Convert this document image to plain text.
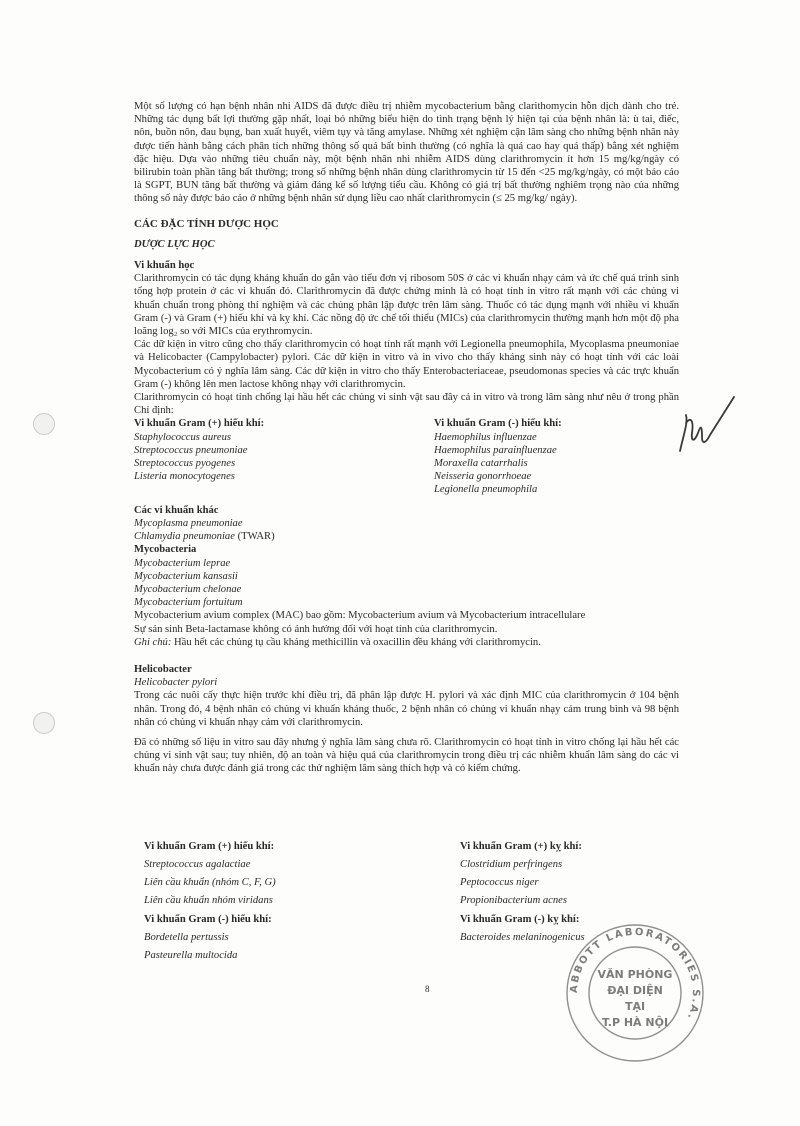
Một số lượng có hạn bệnh nhân nhi AIDS đã được điều trị nhiễm mycobacterium bằng clarithomycin hỗn dịch dành cho trẻ. Những tác dụng bất lợi thường gặp nhất, loại bỏ những biểu hiện do tình trạng bệnh lý hiện tại của bệnh nhân là: ù tai, điếc, nôn, buồn nôn, đau bụng, ban xuất huyết, viêm tụy và tăng amylase. Những xét nghiệm cận lâm sàng cho những bệnh nhân này được tiến hành bằng cách phân tích những thông số quá bất bình thường (có nghĩa là quá cao hay quá thấp) bằng xét nghiệm đặc hiệu. Dựa vào những tiêu chuẩn này, một bệnh nhân nhi nhiễm AIDS dùng clarithromycin ít hơn 15 mg/kg/ngày có bilirubin toàn phần tăng bất thường; trong số những bệnh nhân dùng clarithromycin từ 15 đến <25 mg/kg/ngày, có một báo cáo là SGPT, BUN tăng bất thường và giảm đáng kể số lượng tiểu cầu. Không có giá trị bất thường nghiêm trọng nào của những thông số này được báo cáo ở những bệnh nhân sử dụng liều cao nhất clarithromycin (≤ 25 mg/kg/ ngày).

CÁC ĐẶC TÍNH DƯỢC HỌC
DƯỢC LỰC HỌC
Vi khuẩn học

Clarithromycin có tác dụng kháng khuẩn do gắn vào tiểu đơn vị ribosom 50S ở các vi khuẩn nhạy cảm và ức chế quá trình sinh tổng hợp protein ở các vi khuẩn đó. Clarithromycin đã được chứng minh là có hoạt tính in vitro rất mạnh với các chủng vi khuẩn chuẩn trong phòng thí nghiệm và các chủng phân lập được trên lâm sàng. Thuốc có tác dụng mạnh với nhiều vi khuẩn Gram (-) và Gram (+) hiếu khí và kỵ khí. Các nồng độ ức chế tối thiểu (MICs) của clarithromycin thường mạnh hơn một độ pha loãng log₂ so với MICs của erythromycin.

Các dữ kiện in vitro cũng cho thấy clarithromycin có hoạt tính rất mạnh với Legionella pneumophila, Mycoplasma pneumoniae và Helicobacter (Campylobacter) pylori. Các dữ kiện in vitro và in vivo cho thấy kháng sinh này có hoạt tính với các loài Mycobacterium có ý nghĩa lâm sàng. Các dữ kiện in vitro cho thấy Enterobacteriaceae, pseudomonas species và các trực khuẩn Gram (-) không lên men lactose không nhạy với clarithromycin.

Clarithromycin có hoạt tính chống lại hầu hết các chủng vi sinh vật sau đây cả in vitro và trong lâm sàng như nêu ở trong phần Chỉ định:

Vi khuẩn Gram (+) hiếu khí:
Staphylococcus aureus
Streptococcus pneumoniae
Streptococcus pyogenes
Listeria monocytogenes
Vi khuẩn Gram (-) hiếu khí:
Haemophilus influenzae
Haemophilus parainfluenzae
Moraxella catarrhalis
Neisseria gonorrhoeae
Legionella pneumophila
Các vi khuẩn khác
Mycoplasma pneumoniae
Chlamydia pneumoniae (TWAR)
Mycobacteria
Mycobacterium leprae
Mycobacterium kansasii
Mycobacterium chelonae
Mycobacterium fortuitum
Mycobacterium avium complex (MAC) bao gồm: Mycobacterium avium và Mycobacterium intracellulare
Sự sản sinh Beta-lactamase không có ảnh hưởng đối với hoạt tính của clarithromycin.
Ghi chú: Hầu hết các chủng tụ cầu kháng methicillin và oxacillin đều kháng với clarithromycin.
Helicobacter
Helicobacter pylori

Trong các nuôi cấy thực hiện trước khi điều trị, đã phân lập được H. pylori và xác định MIC của clarithromycin ở 104 bệnh nhân. Trong đó, 4 bệnh nhân có chủng vi khuẩn kháng thuốc, 2 bệnh nhân có chủng vi khuẩn nhạy cảm trung bình và 98 bệnh nhân có chủng vi khuẩn nhạy cảm với clarithromycin.

Đã có những số liệu in vitro sau đây nhưng ý nghĩa lâm sàng chưa rõ. Clarithromycin có hoạt tính in vitro chống lại hầu hết các chủng vi sinh vật sau; tuy nhiên, độ an toàn và hiệu quả của clarithromycin trong điều trị các nhiễm khuẩn lâm sàng do các vi khuẩn này chưa được đánh giá trong các thử nghiệm lâm sàng thích hợp và có kiểm chứng.

Vi khuẩn Gram (+) hiếu khí:
Streptococcus agalactiae
Liên cầu khuẩn (nhóm C, F, G)
Liên cầu khuẩn nhóm viridans
Vi khuẩn Gram (-) hiếu khí:
Bordetella pertussis
Pasteurella multocida
Vi khuẩn Gram (+) kỵ khí:
Clostridium perfringens
Peptococcus niger
Propionibacterium acnes
Vi khuẩn Gram (-) kỵ khí:
Bacteroides melaninogenicus
8	ABBOTT LABORATORIES S.A.
VĂN PHÒNG
ĐẠI DIỆN
TẠI
T.P HÀ NỘI
